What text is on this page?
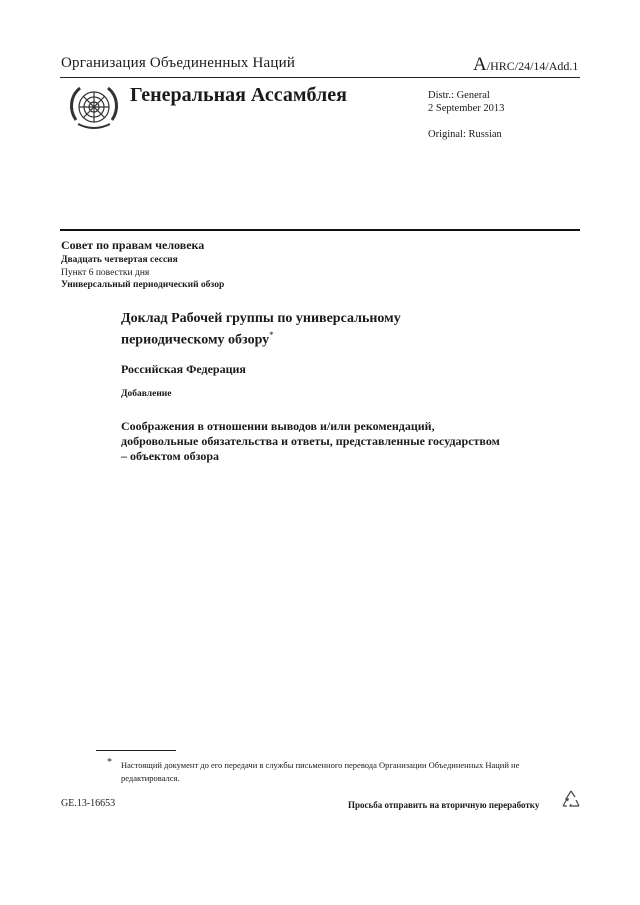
Организация Объединенных Наций	A/HRC/24/14/Add.1
Генеральная Ассамблея	Distr.: General
2 September 2013
Original: Russian
Совет по правам человека
Двадцать четвертая сессия
Пункт 6 повестки дня
Универсальный периодический обзор
Доклад Рабочей группы по универсальному периодическому обзору*
Российская Федерация
Добавление
Соображения в отношении выводов и/или рекомендаций, добровольные обязательства и ответы, представленные государством – объектом обзора
* Настоящий документ до его передачи в службы письменного перевода Организации Объединенных Наций не редактировался.
GE.13-16653	Просьба отправить на вторичную переработку
